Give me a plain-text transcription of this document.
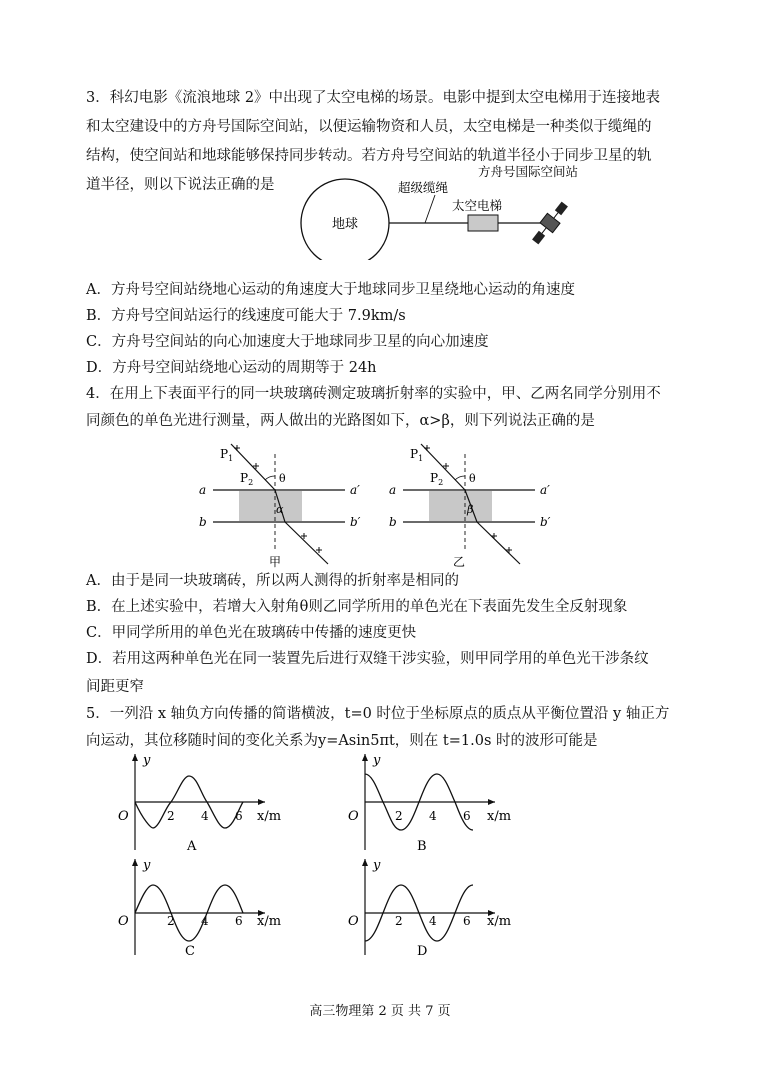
3．科幻电影《流浪地球 2》中出现了太空电梯的场景。电影中提到太空电梯用于连接地表
和太空建设中的方舟号国际空间站，以便运输物资和人员，太空电梯是一种类似于缆绳的
结构，使空间站和地球能够保持同步转动。若方舟号空间站的轨道半径小于同步卫星的轨
道半径，则以下说法正确的是
地球
超级缆绳
太空电梯
方舟号国际空间站
A．方舟号空间站绕地心运动的角速度大于地球同步卫星绕地心运动的角速度
B．方舟号空间站运行的线速度可能大于 7.9km/s
C．方舟号空间站的向心加速度大于地球同步卫星的向心加速度
D．方舟号空间站绕地心运动的周期等于 24h
4．在用上下表面平行的同一块玻璃砖测定玻璃折射率的实验中，甲、乙两名同学分别用不
同颜色的单色光进行测量，两人做出的光路图如下，α>β，则下列说法正确的是
a	a′
b	b′
$P_1$
$P_2$ θ
α
甲
a	a′
b	b′
$P_1$
$P_2$ θ
β
乙
A．由于是同一块玻璃砖，所以两人测得的折射率是相同的
B．在上述实验中，若增大入射角θ则乙同学所用的单色光在下表面先发生全反射现象
C．甲同学所用的单色光在玻璃砖中传播的速度更快
D．若用这两种单色光在同一装置先后进行双缝干涉实验，则甲同学用的单色光干涉条纹
间距更窄
5．一列沿 x 轴负方向传播的简谐横波，t=0 时位于坐标原点的质点从平衡位置沿 y 轴正方
向运动，其位移随时间的变化关系为y=Asin5πt，则在 t=1.0s 时的波形可能是
y
O	2 4 6 x/m
A
y
O	2 4 6 x/m
B
y
O	2 4 6 x/m
C
y
O	2 4 6 x/m
D
高三物理第 2 页 共 7 页
